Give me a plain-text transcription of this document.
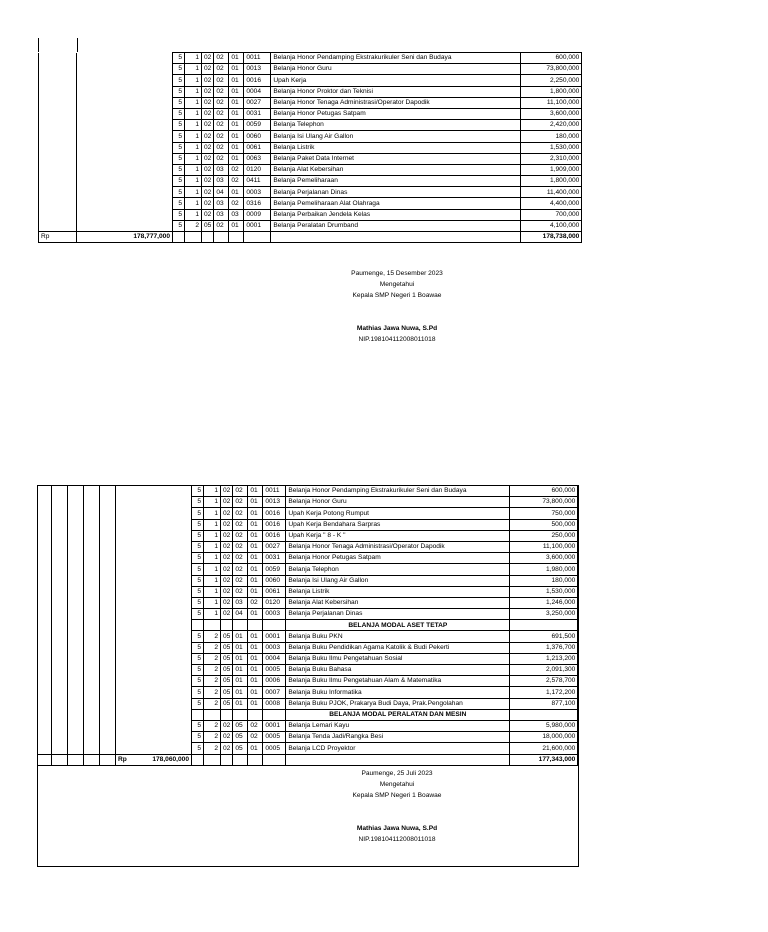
		5	1	02	02	01	0011	Belanja Honor Pendamping Ekstrakurikuler Seni dan Budaya	600,000
		5	1	02	02	01	0013	Belanja Honor Guru	73,800,000
		5	1	02	02	01	0016	Upah Kerja	2,250,000
		5	1	02	02	01	0004	Belanja Honor Proktor dan Teknisi	1,800,000
		5	1	02	02	01	0027	Belanja Honor Tenaga Administrasi/Operator Dapodik	11,100,000
		5	1	02	02	01	0031	Belanja Honor Petugas Satpam	3,600,000
		5	1	02	02	01	0059	Belanja Telephon	2,420,000
		5	1	02	02	01	0060	Belanja Isi Ulang Air Gallon	180,000
		5	1	02	02	01	0061	Belanja Listrik	1,530,000
		5	1	02	02	01	0063	Belanja Paket Data Internet	2,310,000
		5	1	02	03	02	0120	Belanja Alat Kebersihan	1,909,000
		5	1	02	03	02	0411	Belanja Pemeliharaan	1,800,000
		5	1	02	04	01	0003	Belanja Perjalanan Dinas	11,400,000
		5	1	02	03	02	0316	Belanja Pemeliharaan Alat Olahraga	4,400,000
		5	1	02	03	03	0009	Belanja Perbaikan Jendela Kelas	700,000
		5	2	05	02	01	0001	Belanja Peralatan Drumband	4,100,000
Rp	178,777,000								178,738,000
Paumenge, 15 Desember 2023
Mengetahui
Kepala SMP Negeri 1 Boawae
Mathias Jawa Nuwa, S.Pd
NIP.198104112008011018
						5	1	02	02	01	0011	Belanja Honor Pendamping Ekstrakurikuler Seni dan Budaya	600,000
						5	1	02	02	01	0013	Belanja Honor Guru	73,800,000
						5	1	02	02	01	0016	Upah Kerja Potong Rumput	750,000
						5	1	02	02	01	0016	Upah Kerja Bendahara Sarpras	500,000
						5	1	02	02	01	0016	Upah Kerja " 8 - K "	250,000
						5	1	02	02	01	0027	Belanja Honor Tenaga Administrasi/Operator Dapodik	11,100,000
						5	1	02	02	01	0031	Belanja Honor Petugas Satpam	3,600,000
						5	1	02	02	01	0059	Belanja Telephon	1,980,000
						5	1	02	02	01	0060	Belanja Isi Ulang Air Gallon	180,000
						5	1	02	02	01	0061	Belanja Listrik	1,530,000
						5	1	02	03	02	0120	Belanja Alat Kebersihan	1,246,000
						5	1	02	04	01	0003	Belanja Perjalanan Dinas	3,250,000
												BELANJA MODAL ASET TETAP	
						5	2	05	01	01	0001	Belanja Buku PKN	691,500
						5	2	05	01	01	0003	Belanja Buku Pendidikan Agama Katolik & Budi Pekerti	1,376,700
						5	2	05	01	01	0004	Belanja Buku Ilmu Pengetahuan Sosial	1,213,200
						5	2	05	01	01	0005	Belanja Buku Bahasa	2,091,300
						5	2	05	01	01	0006	Belanja Buku Ilmu Pengetahuan Alam & Matematika	2,578,700
						5	2	05	01	01	0007	Belanja Buku Informatika	1,172,200
						5	2	05	01	01	0008	Belanja Buku PJOK, Prakarya Budi Daya, Prak.Pengolahan	877,100
												BELANJA MODAL PERALATAN DAN MESIN	
						5	2	02	05	02	0001	Belanja Lemari Kayu	5,980,000
						5	2	02	05	02	0005	Belanja Tenda Jadi/Rangka Besi	18,000,000
						5	2	02	05	01	0005	Belanja LCD Proyektor	21,600,000
					Rp 178,060,000								177,343,000
Paumenge, 25 Juli 2023
Mengetahui
Kepala SMP Negeri 1 Boawae
Mathias Jawa Nuwa, S.Pd
NIP.198104112008011018
